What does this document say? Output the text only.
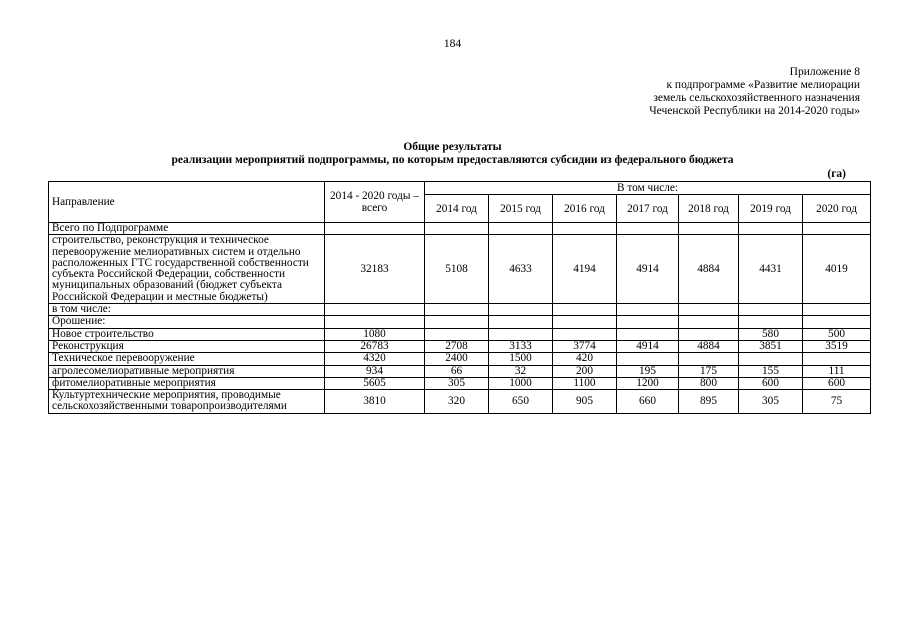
184
Приложение 8
к подпрограмме «Развитие мелиорации
земель сельскохозяйственного назначения
Чеченской Республики на 2014-2020 годы»
Общие результаты
реализации мероприятий подпрограммы, по которым предоставляются субсидии из федерального бюджета
(га)
Направление	2014 - 2020 годы – всего	В том числе:						
		2014 год	2015 год	2016 год	2017 год	2018 год	2019 год	2020 год
Всего по Подпрограмме								
строительство, реконструкция и техническое перевооружение мелиоративных систем и отдельно расположенных ГТС государственной собственности субъекта Российской Федерации, собственности муниципальных образований (бюджет субъекта Российской Федерации и местные бюджеты)	32183	5108	4633	4194	4914	4884	4431	4019
в том числе:								
Орошение:								
Новое строительство	1080						580	500
Реконструкция	26783	2708	3133	3774	4914	4884	3851	3519
Техническое перевооружение	4320	2400	1500	420				
агролесомелиоративные мероприятия	934	66	32	200	195	175	155	111
фитомелиоративные мероприятия	5605	305	1000	1100	1200	800	600	600
Культуртехнические мероприятия, проводимые сельскохозяйственными товаропроизводителями	3810	320	650	905	660	895	305	75
